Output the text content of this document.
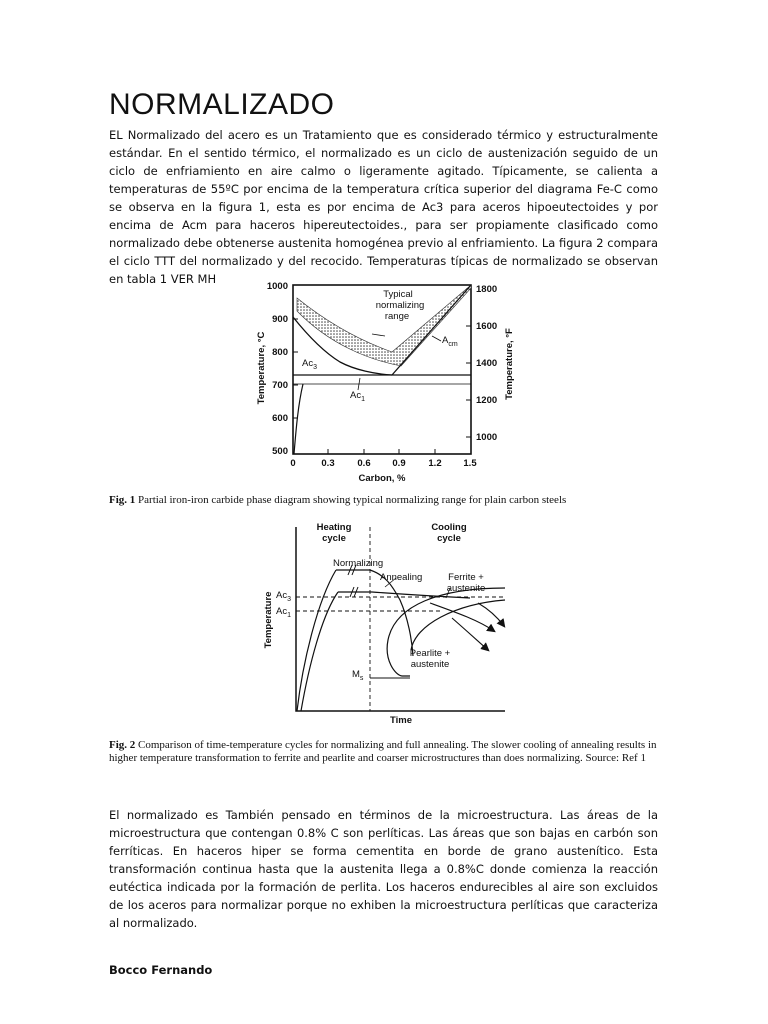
NORMALIZADO

EL Normalizado del acero es un Tratamiento que es considerado térmico y estructuralmente estándar. En el sentido térmico, el normalizado es un ciclo de austenización seguido de un ciclo de enfriamiento en aire calmo o ligeramente agitado. Típicamente, se calienta a temperaturas de 55ºC por encima de la temperatura crítica superior del diagrama Fe-C como se observa en la figura 1, esta es por encima de Ac3 para aceros hipoeutectoides y por encima de Acm para haceros hipereutectoides., para ser propiamente clasificado como normalizado debe obtenerse austenita homogénea previo al enfriamiento. La figura 2 compara el ciclo TTT del normalizado y del recocido. Temperaturas típicas de normalizado se observan en tabla 1 VER MH

1000
900
800
700
600
500
1800
1600
1400
1200
1000
0	0.3 0.6 0.9 1.2 1.5
Carbon, %
Temperature, °C	Temperature, °F
Typical
normalizing
range
$Ac_3$
$Ac_1$
$A_{cm}$

Fig. 1 Partial iron-iron carbide phase diagram showing typical normalizing range for plain carbon steels

Heating
cycle
Cooling
cycle
Normalizing
Annealing	Ferrite +
austenite
Pearlite +
austenite
$Ac_3$
$Ac_1$
$M_s$
Temperature
Time

Fig. 2 Comparison of time-temperature cycles for normalizing and full annealing. The slower cooling of annealing results in higher temperature transformation to ferrite and pearlite and coarser microstructures than does normalizing. Source: Ref 1

El normalizado es También pensado en términos de la microestructura. Las áreas de la microestructura que contengan 0.8% C son perlíticas. Las áreas que son bajas en carbón son ferríticas. En haceros hiper se forma cementita en borde de grano austenítico. Esta transformación continua hasta que la austenita llega a 0.8%C donde comienza la reacción eutéctica indicada por la formación de perlita. Los haceros endurecibles al aire son excluidos de los aceros para normalizar porque no exhiben la microestructura perlíticas que caracteriza al normalizado.

Bocco Fernando
